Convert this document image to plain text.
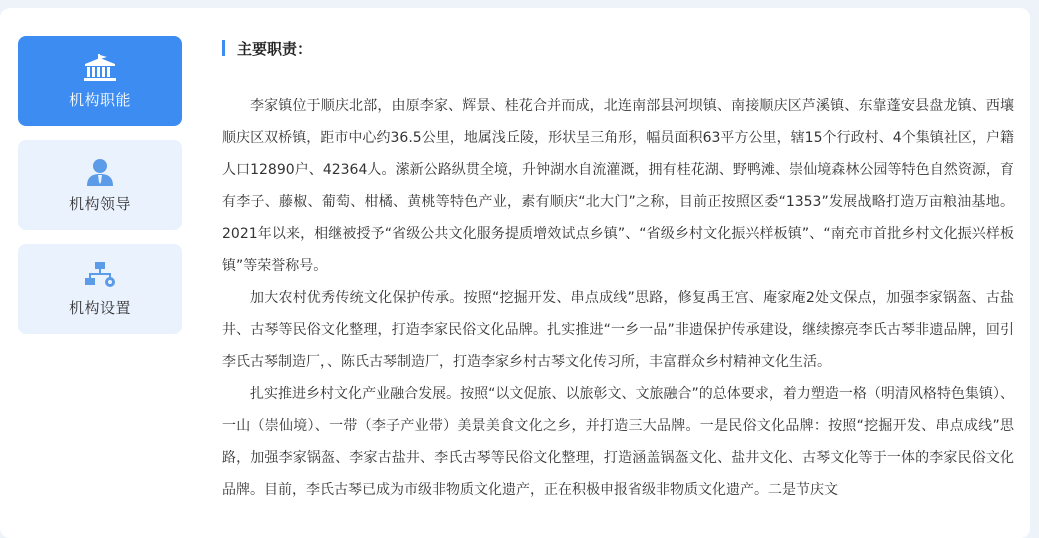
机构职能
机构领导
机构设置
主要职责：

李家镇位于顺庆北部，由原李家、辉景、桂花合并而成，北连南部县河坝镇、南接顺庆区芦溪镇、东靠蓬安县盘龙镇、西壤顺庆区双桥镇，距市中心约36.5公里，地属浅丘陵，形状呈三角形，幅员面积63平方公里，辖15个行政村、4个集镇社区，户籍人口12890户、42364人。潆新公路纵贯全境，升钟湖水自流灌溉，拥有桂花湖、野鸭滩、崇仙境森林公园等特色自然资源，育有李子、藤椒、葡萄、柑橘、黄桃等特色产业，素有顺庆“北大门”之称，目前正按照区委“1353”发展战略打造万亩粮油基地。2021年以来，相继被授予“省级公共文化服务提质增效试点乡镇”、“省级乡村文化振兴样板镇”、“南充市首批乡村文化振兴样板镇”等荣誉称号。

加大农村优秀传统文化保护传承。按照“挖掘开发、串点成线”思路，修复禹王宫、庵家庵2处文保点，加强李家锅盔、古盐井、古琴等民俗文化整理，打造李家民俗文化品牌。扎实推进“一乡一品”非遗保护传承建设，继续擦亮李氏古琴非遗品牌，回引李氏古琴制造厂，、陈氏古琴制造厂，打造李家乡村古琴文化传习所，丰富群众乡村精神文化生活。

扎实推进乡村文化产业融合发展。按照“以文促旅、以旅彰文、文旅融合”的总体要求，着力塑造一格（明清风格特色集镇）、一山（崇仙境）、一带（李子产业带）美景美食文化之乡，并打造三大品牌。一是民俗文化品牌：按照“挖掘开发、串点成线”思路，加强李家锅盔、李家古盐井、李氏古琴等民俗文化整理，打造涵盖锅盔文化、盐井文化、古琴文化等于一体的李家民俗文化品牌。目前，李氏古琴已成为市级非物质文化遗产，正在积极申报省级非物质文化遗产。二是节庆文
